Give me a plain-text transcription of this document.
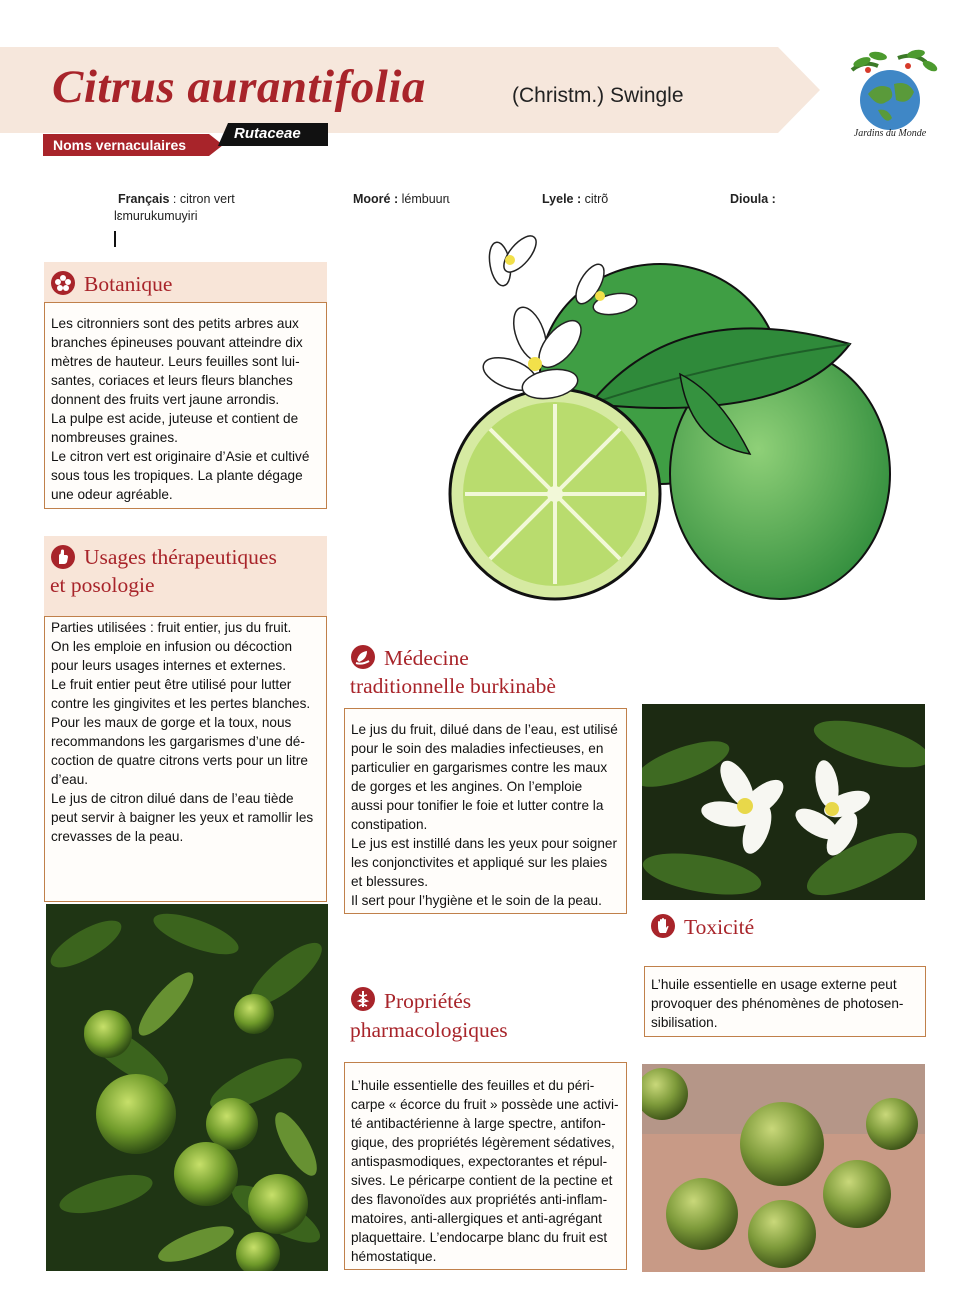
Citrus aurantifolia	(Christm.) Swingle
Noms vernaculaires
Rutaceae	Jardins du Monde
Français : citron vert
lɛmurukumuyiri
Mooré : lémbuurɩ	Lyele : citrõ	Dioula :
Botanique

Les citronniers sont des petits arbres aux

branches épineuses pouvant atteindre dix

mètres de hauteur. Leurs feuilles sont lui-

santes, coriaces et leurs fleurs blanches

donnent des fruits vert jaune arrondis.

La pulpe est acide, juteuse et contient de

nombreuses graines.

Le citron vert est originaire d’Asie et cultivé

sous tous les tropiques. La plante dégage

une odeur agréable.

Usages thérapeutiques
et posologie

Parties utilisées : fruit entier, jus du fruit.

On les emploie en infusion ou décoction

pour leurs usages internes et externes.

Le fruit entier peut être utilisé pour lutter

contre les gingivites et les pertes blanches.

Pour les maux de gorge et la toux, nous

recommandons les gargarismes d’une dé-

coction de quatre citrons verts pour un litre

d’eau.

Le jus de citron dilué dans de l’eau tiède

peut servir à baigner les yeux et ramollir les

crevasses de la peau.

Médecine
traditionnelle burkinabè

Le jus du fruit, dilué dans de l’eau, est utilisé

pour le soin des maladies infectieuses, en

particulier en gargarismes contre les maux

de gorges et les angines. On l’emploie

aussi pour tonifier le foie et lutter contre la

constipation.

Le jus est instillé dans les yeux pour soigner

les conjonctivites et appliqué sur les plaies

et blessures.

Il sert pour l’hygiène et le soin de la peau.

Toxicité

L’huile essentielle en usage externe peut

provoquer des phénomènes de photosen-

sibilisation.

Propriétés
pharmacologiques

L’huile essentielle des feuilles et du péri-

carpe « écorce du fruit » possède une activi-

té antibactérienne à large spectre, antifon-

gique, des propriétés légèrement sédatives,

antispasmodiques, expectorantes et répul-

sives. Le péricarpe contient de la pectine et

des flavonoïdes aux propriétés anti-inflam-

matoires, anti-allergiques et anti-agrégant

plaquettaire. L’endocarpe blanc du fruit est

hémostatique.
